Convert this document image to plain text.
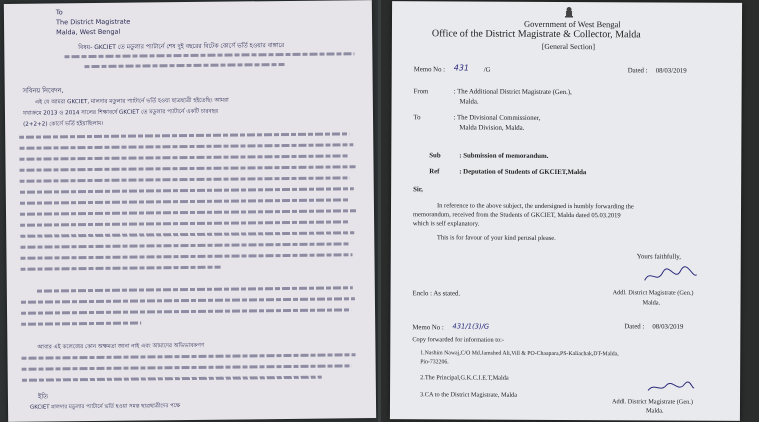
To
The District Magistrate
Malda, West Bengal
বিষয়- GKCIET তে মডুলার প্যাটার্নে শেষ দুই বছরের বিটেক কোর্সে ভর্তি হওয়ার বাঙ্গারে
সবিনয় নিবেদন,
এই যে আমরা GKCIET, মালদার মডুলার প্যাটার্নে ভর্তি হওয়া ছাত্রছাত্রী হইতেছি। আমরা
যথাক্রমে 2013 ও 2014 সালের শিক্ষাবর্ষে GKCIET তে মডুলার প্যাটার্নে একটি চারবছর
(2+2+2) কোর্সে ভর্তি হইয়াছিলাম।
আবার এই কলেজের কোন অক্ষমতা জানা নাই এবং আমাদের অভিভাবকগণ
ইতি
GKCIET মালদার মডুলার প্যাটার্নে ভর্তি হওয়া সমস্ত ছাত্রছাত্রীদের পক্ষে
Government of West Bengal
Office of the District Magistrate & Collector, Malda
[General Section]
Memo No : 431 /G	Dated : 08/03/2019
From	: The Additional District Magistrate (Gen.),
Malda.
To	: The Divisional Commissioner,
Malda Division, Malda.
Sub	: Submission of memorandum.
Ref	: Deputation of Students of GKCIET,Malda
Sir,
In reference to the above subject, the undersigned is humbly forwarding the
memorandum, received from the Students of GKCIET, Malda dated 05.03.2019
which is self explanatory.
This is for favour of your kind perusal please.
Yours faithfully,
Enclo : As stated.	Addl. District Magistrate (Gen.)
Malda.
Memo No : 431/1(3)/G	Dated : 08/03/2019
Copy forwarded for information to:-
1.Nashim Nawaj,C/O Md.Jamshed Ali,Vill & PO-Chaapara,PS-Kaliachak,DT-Malda,
Pin-732206.
2.The Principal,G.K.C.I.E.T,Malda
3.CA to the District Magistrate, Malda
Addl. District Magistrate (Gen.)
Malda.
